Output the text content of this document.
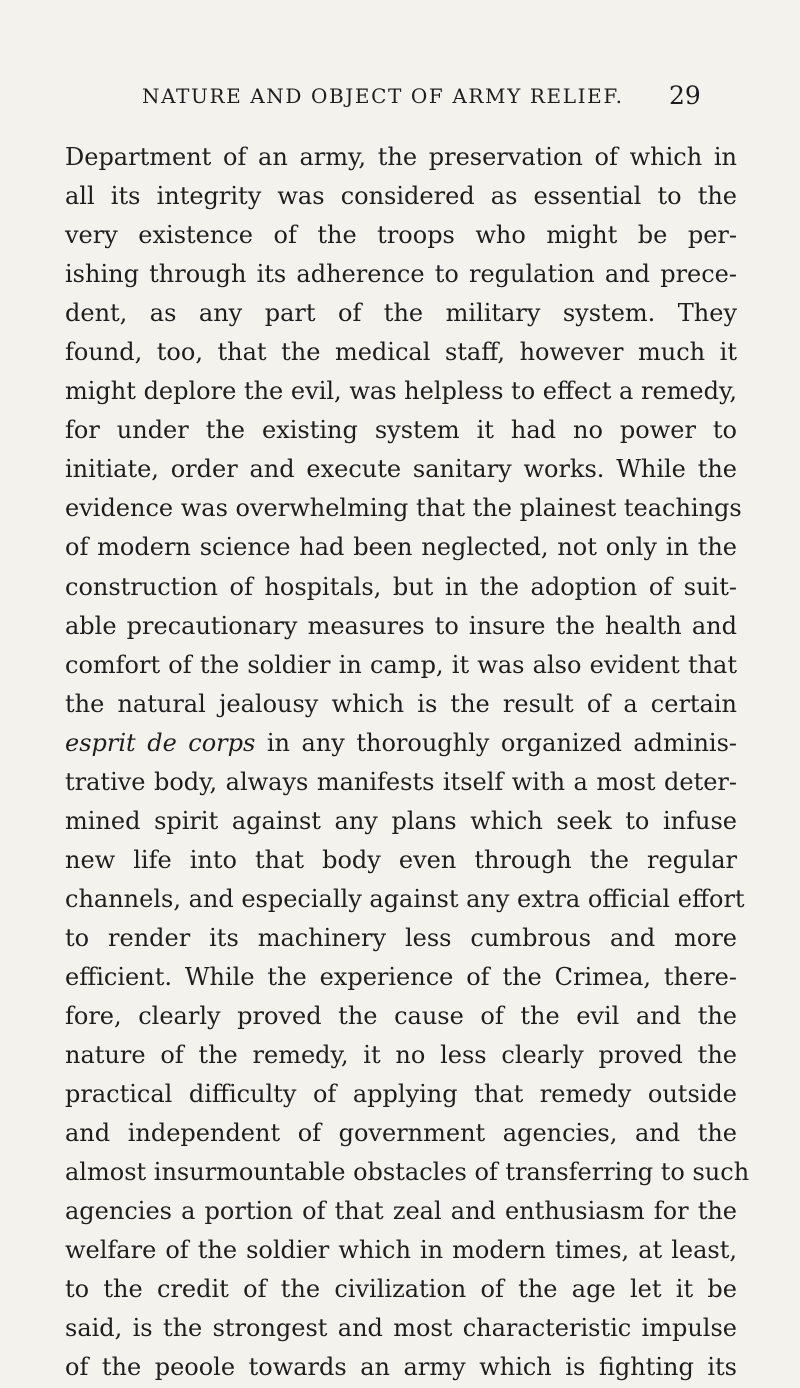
NATURE AND OBJECT OF ARMY RELIEF. 29
Department of an army, the preservation of which in
all its integrity was considered as essential to the
very existence of the troops who might be per-
ishing through its adherence to regulation and prece-
dent, as any part of the military system. They
found, too, that the medical staff, however much it
might deplore the evil, was helpless to effect a remedy,
for under the existing system it had no power to
initiate, order and execute sanitary works. While the
evidence was overwhelming that the plainest teachings
of modern science had been neglected, not only in the
construction of hospitals, but in the adoption of suit-
able precautionary measures to insure the health and
comfort of the soldier in camp, it was also evident that
the natural jealousy which is the result of a certain
esprit de corps in any thoroughly organized adminis-
trative body, always manifests itself with a most deter-
mined spirit against any plans which seek to infuse
new life into that body even through the regular
channels, and especially against any extra official effort
to render its machinery less cumbrous and more
efficient. While the experience of the Crimea, there-
fore, clearly proved the cause of the evil and the
nature of the remedy, it no less clearly proved the
practical difficulty of applying that remedy outside
and independent of government agencies, and the
almost insurmountable obstacles of transferring to such
agencies a portion of that zeal and enthusiasm for the
welfare of the soldier which in modern times, at least,
to the credit of the civilization of the age let it be
said, is the strongest and most characteristic impulse
of the peoole towards an army which is fighting its
